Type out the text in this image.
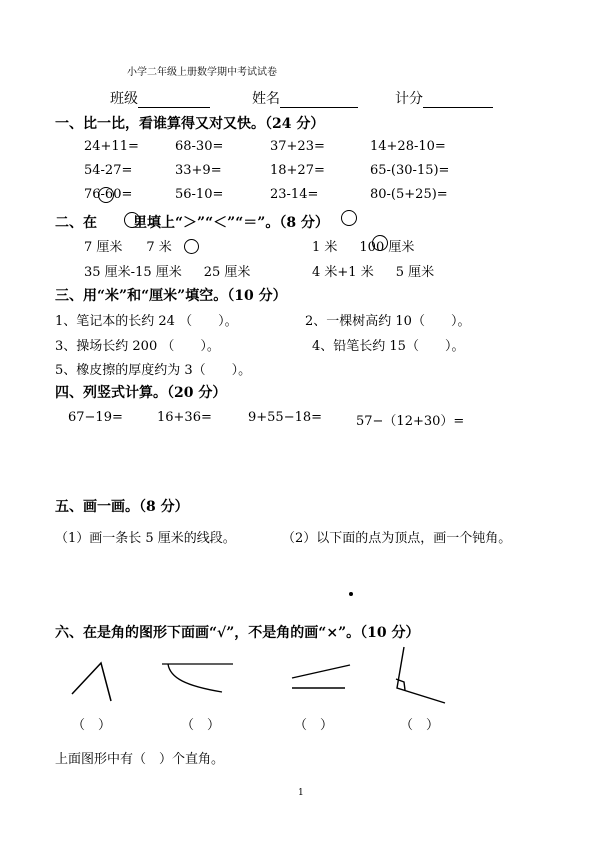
小学二年级上册数学期中考试试卷
班级	姓名	计分
一、比一比，看谁算得又对又快。（24 分）
24+11=	68-30=	37+23=	14+28-10=
54-27=	33+9=	18+27=	65-(30-15)=
76-60=	56-10=	23-14=	80-(5+25)=
二、在	里填上“＞”“＜”“＝”。（8 分）
7 厘米 7 米	1 米 100 厘米
35 厘米-15 厘米 25 厘米	4 米+1 米 5 厘米
三、用“米”和“厘米”填空。（10 分）
1、笔记本的长约 24 （　　）。	2、一棵树高约 10（　　）。
3、操场长约 200 （　　）。	4、铅笔长约 15（　　）。
5、橡皮擦的厚度约为 3（　　）。
四、列竖式计算。（20 分）
67−19=	16+36=	9+55−18=	57−（12+30）=
五、画一画。（8 分）
（1）画一条长 5 厘米的线段。	（2）以下面的点为顶点，画一个钝角。
六、在是角的图形下面画“√”，不是角的画“×”。（10 分）
（　）	（　）	（　）	（　）
上面图形中有（　）个直角。
1
